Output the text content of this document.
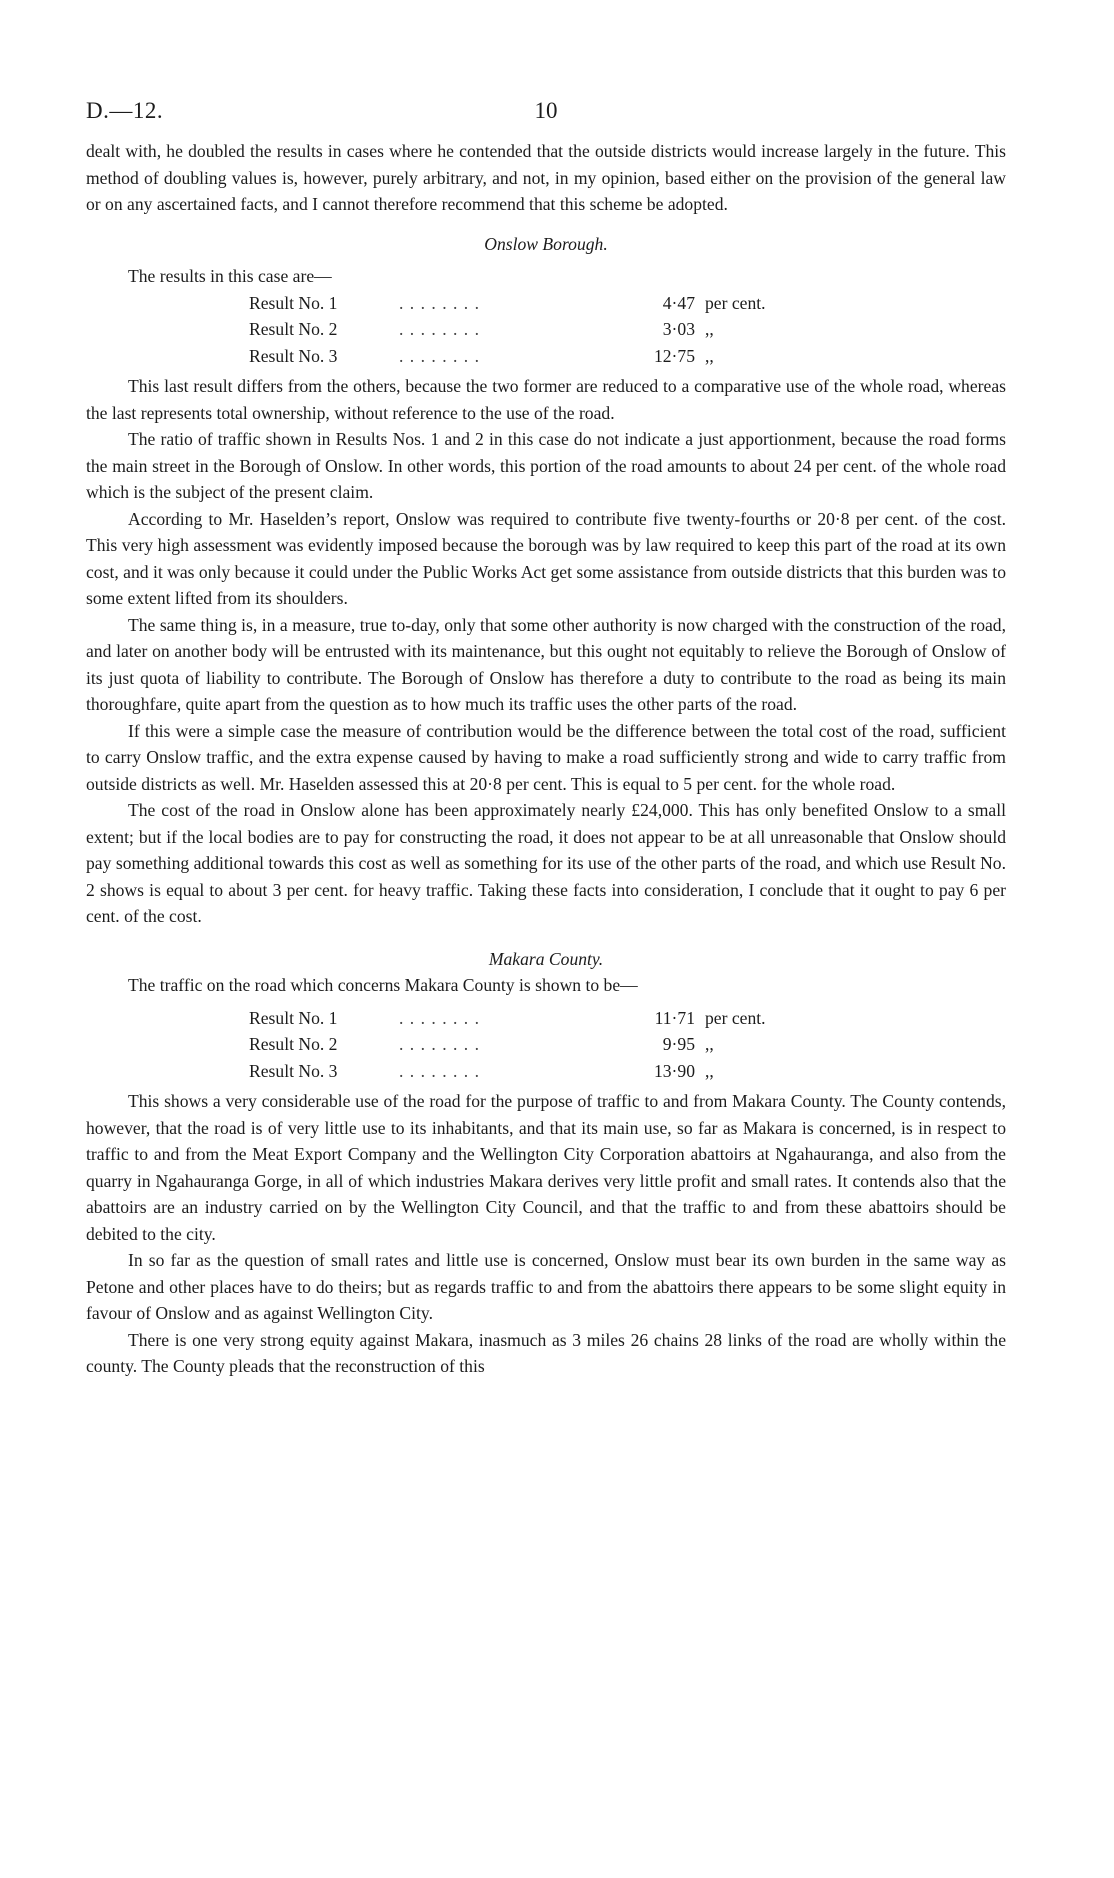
D.—12.	10

dealt with, he doubled the results in cases where he contended that the outside districts would increase largely in the future. This method of doubling values is, however, purely arbitrary, and not, in my opinion, based either on the provision of the general law or on any ascertained facts, and I cannot therefore recommend that this scheme be adopted.

Onslow Borough.

The results in this case are—

Result No. 1	. . . . . . . .	4·47	per cent.
Result No. 2	. . . . . . . .	3·03	,,
Result No. 3	. . . . . . . .	12·75	,,

This last result differs from the others, because the two former are reduced to a comparative use of the whole road, whereas the last represents total ownership, without reference to the use of the road.

The ratio of traffic shown in Results Nos. 1 and 2 in this case do not indicate a just apportionment, because the road forms the main street in the Borough of Onslow. In other words, this portion of the road amounts to about 24 per cent. of the whole road which is the subject of the present claim.

According to Mr. Haselden’s report, Onslow was required to contribute five twenty-fourths or 20·8 per cent. of the cost. This very high assessment was evidently imposed because the borough was by law required to keep this part of the road at its own cost, and it was only because it could under the Public Works Act get some assistance from outside districts that this burden was to some extent lifted from its shoulders.

The same thing is, in a measure, true to-day, only that some other authority is now charged with the construction of the road, and later on another body will be entrusted with its maintenance, but this ought not equitably to relieve the Borough of Onslow of its just quota of liability to contribute. The Borough of Onslow has therefore a duty to contribute to the road as being its main thoroughfare, quite apart from the question as to how much its traffic uses the other parts of the road.

If this were a simple case the measure of contribution would be the difference between the total cost of the road, sufficient to carry Onslow traffic, and the extra expense caused by having to make a road sufficiently strong and wide to carry traffic from outside districts as well. Mr. Haselden assessed this at 20·8 per cent. This is equal to 5 per cent. for the whole road.

The cost of the road in Onslow alone has been approximately nearly £24,000. This has only benefited Onslow to a small extent; but if the local bodies are to pay for constructing the road, it does not appear to be at all unreasonable that Onslow should pay something additional towards this cost as well as something for its use of the other parts of the road, and which use Result No. 2 shows is equal to about 3 per cent. for heavy traffic. Taking these facts into consideration, I conclude that it ought to pay 6 per cent. of the cost.

Makara County.

The traffic on the road which concerns Makara County is shown to be—

Result No. 1	. . . . . . . .	11·71	per cent.
Result No. 2	. . . . . . . .	9·95	,,
Result No. 3	. . . . . . . .	13·90	,,

This shows a very considerable use of the road for the purpose of traffic to and from Makara County. The County contends, however, that the road is of very little use to its inhabitants, and that its main use, so far as Makara is concerned, is in respect to traffic to and from the Meat Export Company and the Wellington City Corporation abattoirs at Ngahauranga, and also from the quarry in Ngahauranga Gorge, in all of which industries Makara derives very little profit and small rates. It contends also that the abattoirs are an industry carried on by the Wellington City Council, and that the traffic to and from these abattoirs should be debited to the city.

In so far as the question of small rates and little use is concerned, Onslow must bear its own burden in the same way as Petone and other places have to do theirs; but as regards traffic to and from the abattoirs there appears to be some slight equity in favour of Onslow and as against Wellington City.

There is one very strong equity against Makara, inasmuch as 3 miles 26 chains 28 links of the road are wholly within the county. The County pleads that the reconstruction of this
